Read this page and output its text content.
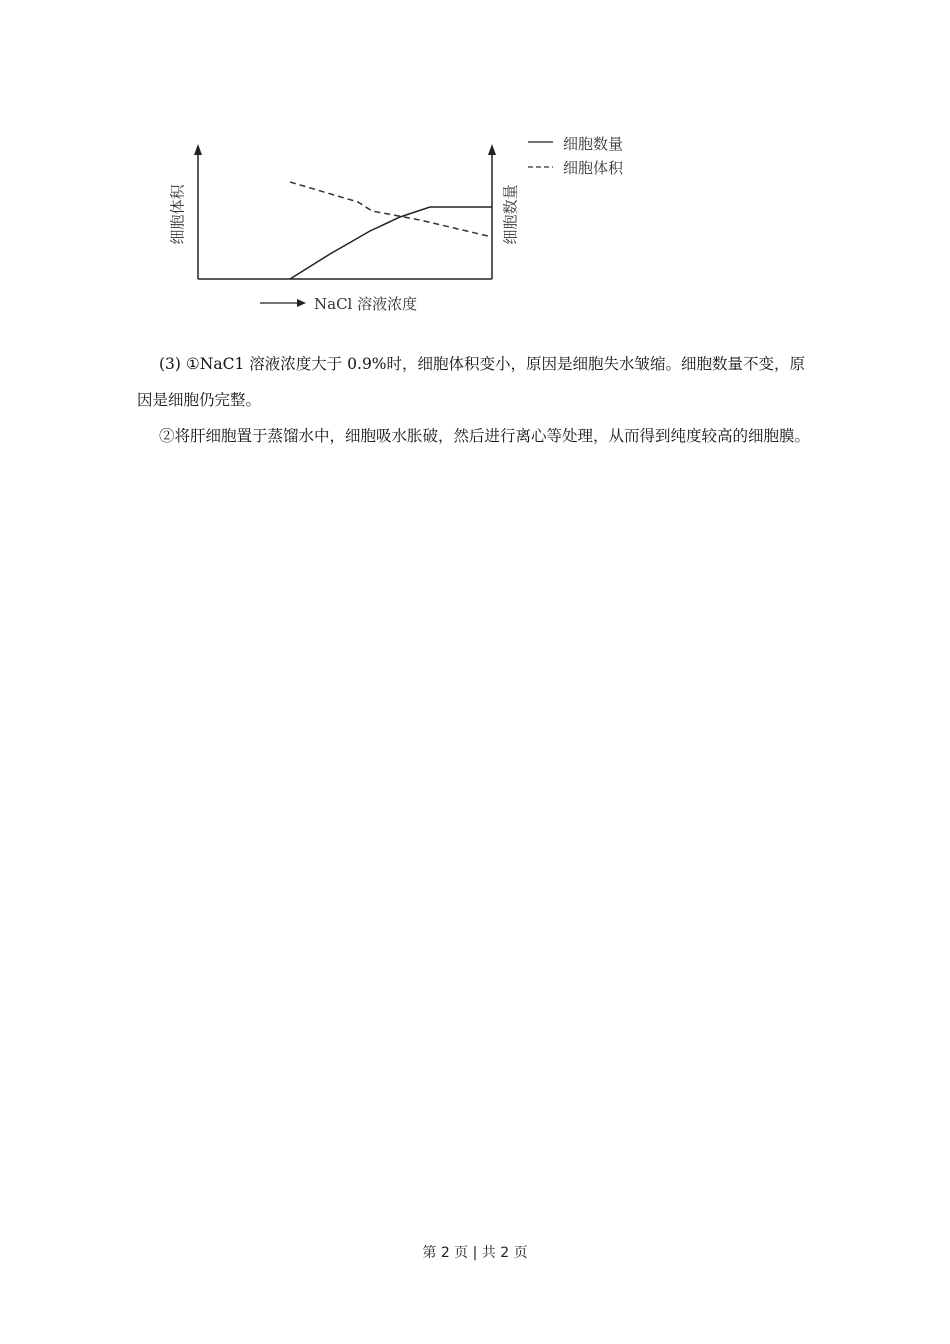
细胞体积	细胞数量
NaCl 溶液浓度
细胞数量
细胞体积

(3) ①NaC1 溶液浓度大于 0.9%时，细胞体积变小，原因是细胞失水皱缩。细胞数量不变，原因是细胞仍完整。

②将肝细胞置于蒸馏水中，细胞吸水胀破，然后进行离心等处理，从而得到纯度较高的细胞膜。

第 2 页 | 共 2 页
